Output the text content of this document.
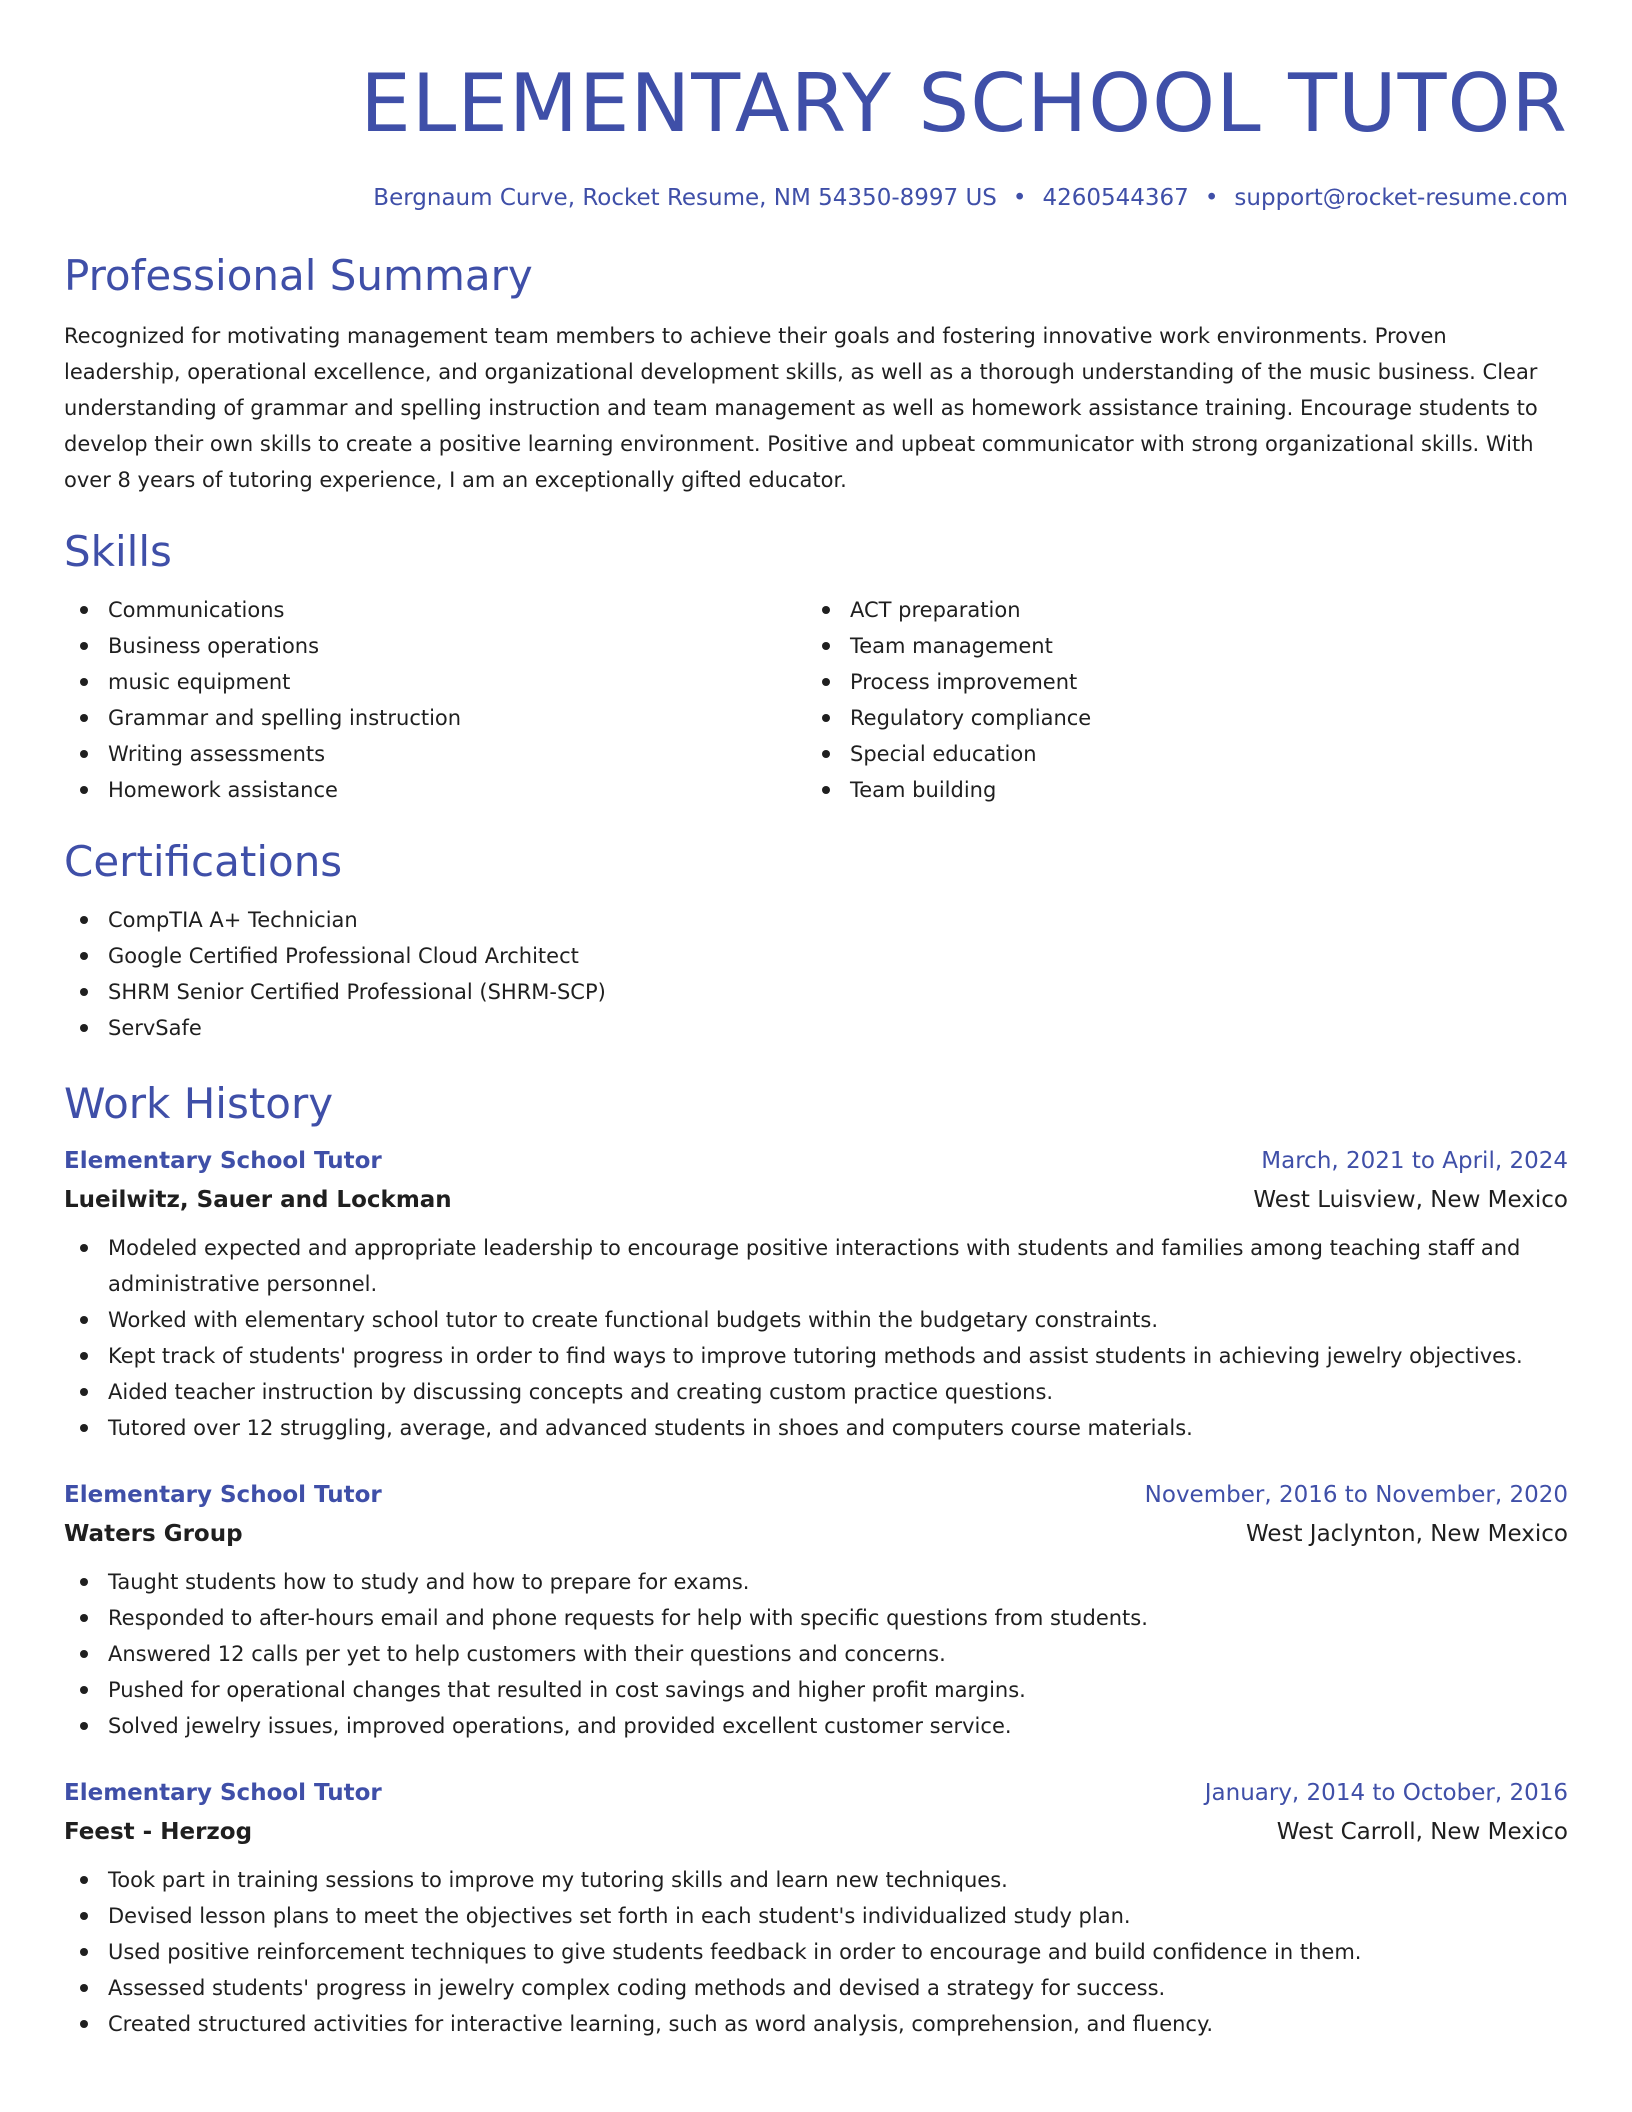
ELEMENTARY SCHOOL TUTOR
Bergnaum Curve, Rocket Resume, NM 54350-8997 US • 4260544367 • support@rocket-resume.com
Professional Summary

Recognized for motivating management team members to achieve their goals and fostering innovative work environments. Proven leadership, operational excellence, and organizational development skills, as well as a thorough understanding of the music business. Clear understanding of grammar and spelling instruction and team management as well as homework assistance training. Encourage students to develop their own skills to create a positive learning environment. Positive and upbeat communicator with strong organizational skills. With over 8 years of tutoring experience, I am an exceptionally gifted educator.

Skills
Communications
Business operations
music equipment
Grammar and spelling instruction
Writing assessments
Homework assistance
ACT preparation
Team management
Process improvement
Regulatory compliance
Special education
Team building
Certifications
CompTIA A+ Technician
Google Certified Professional Cloud Architect
SHRM Senior Certified Professional (SHRM-SCP)
ServSafe
Work History
Elementary School Tutor	March, 2021 to April, 2024
Lueilwitz, Sauer and Lockman	West Luisview, New Mexico
Modeled expected and appropriate leadership to encourage positive interactions with students and families among teaching staff and administrative personnel.
Worked with elementary school tutor to create functional budgets within the budgetary constraints.
Kept track of students' progress in order to find ways to improve tutoring methods and assist students in achieving jewelry objectives.
Aided teacher instruction by discussing concepts and creating custom practice questions.
Tutored over 12 struggling, average, and advanced students in shoes and computers course materials.
Elementary School Tutor	November, 2016 to November, 2020
Waters Group	West Jaclynton, New Mexico
Taught students how to study and how to prepare for exams.
Responded to after-hours email and phone requests for help with specific questions from students.
Answered 12 calls per yet to help customers with their questions and concerns.
Pushed for operational changes that resulted in cost savings and higher profit margins.
Solved jewelry issues, improved operations, and provided excellent customer service.
Elementary School Tutor	January, 2014 to October, 2016
Feest - Herzog	West Carroll, New Mexico
Took part in training sessions to improve my tutoring skills and learn new techniques.
Devised lesson plans to meet the objectives set forth in each student's individualized study plan.
Used positive reinforcement techniques to give students feedback in order to encourage and build confidence in them.
Assessed students' progress in jewelry complex coding methods and devised a strategy for success.
Created structured activities for interactive learning, such as word analysis, comprehension, and fluency.
